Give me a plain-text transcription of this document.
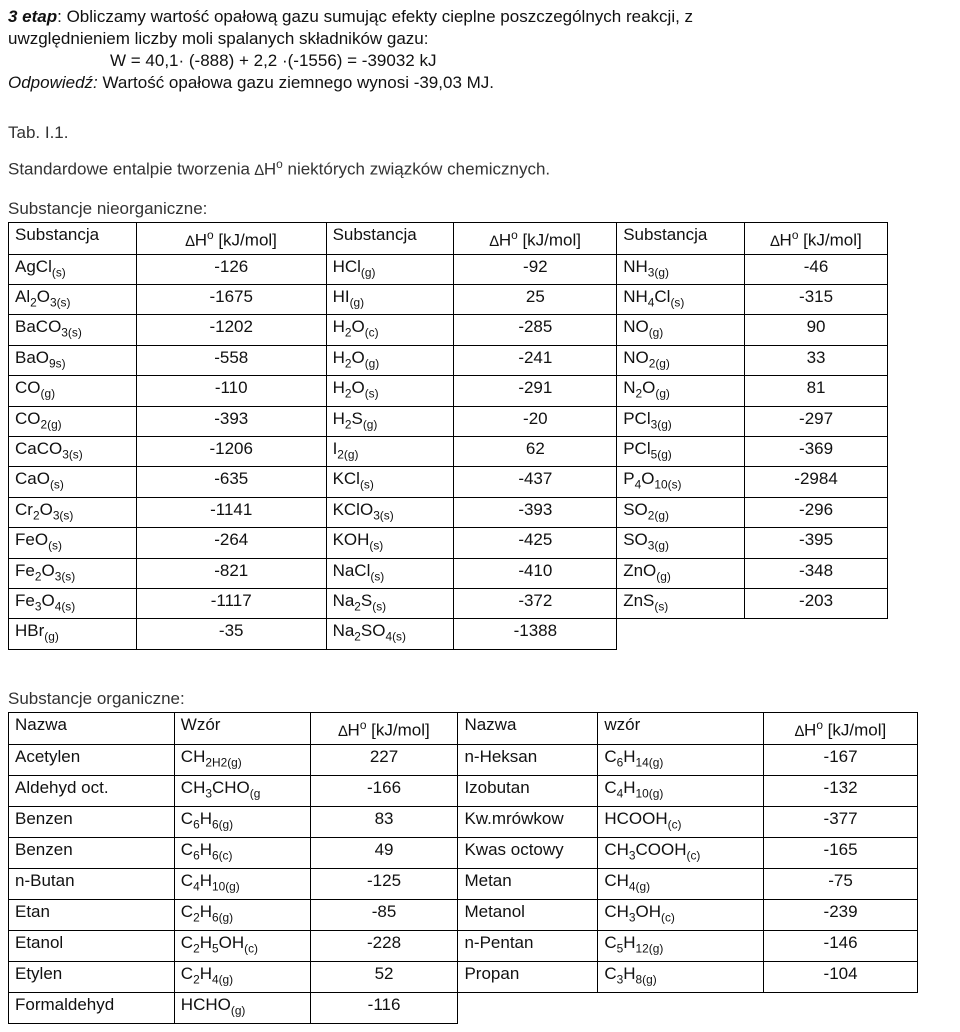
3 etap: Obliczamy wartość opałową gazu sumując efekty cieplne poszczególnych reakcji, z
uwzględnieniem liczby moli spalanych składników gazu:
W = 40,1· (-888) + 2,2 ·(-1556) = -39032 kJ
Odpowiedź: Wartość opałowa gazu ziemnego wynosi -39,03 MJ.
Tab. I.1.
Standardowe entalpie tworzenia $\Delta H^o$ niektórych związków chemicznych.
Substancje nieorganiczne:
Substancja	$\Delta H^o$ [kJ/mol]	Substancja	$\Delta H^o$ [kJ/mol]	Substancja	$\Delta H^o$ [kJ/mol]
AgCl$_{(s)}$	-126	HCl$_{(g)}$	-92	$NH_{3(g)}$	-46
$Al_2O_{3(s)}$	-1675	$HI_{(g)}$	25	$NH_4Cl_{(s)}$	-315
BaCO$_{3(s)}$	-1202	$H_2O_{(c)}$	-285	$NO_{(g)}$	90
BaO$_{9s)}$	-558	$H_2O_{(g)}$	-241	$NO_{2(g)}$	33
$CO_{(g)}$	-110	$H_2O_{(s)}$	-291	$N_2O_{(g)}$	81
$CO_{2(g)}$	-393	$H_2S_{(g)}$	-20	PCl$_{3(g)}$	-297
CaCO$_{3(s)}$	-1206	$I_{2(g)}$	62	PCl$_{5(g)}$	-369
CaO$_{(s)}$	-635	KCl$_{(s)}$	-437	$P_4O_{10(s)}$	-2984
$Cr_2O_{3(s)}$	-1141	KClO$_{3(s)}$	-393	$SO_{2(g)}$	-296
FeO$_{(s)}$	-264	$KOH_{(s)}$	-425	$SO_{3(g)}$	-395
$Fe_2O_{3(s)}$	-821	NaCl$_{(s)}$	-410	ZnO$_{(g)}$	-348
$Fe_3O_{4(s)}$	-1117	$Na_2S_{(s)}$	-372	ZnS$_{(s)}$	-203
HBr$_{(g)}$	-35	$Na_2SO_{4(s)}$	-1388		
Substancje organiczne:
Nazwa	Wzór	$\Delta H^o$ [kJ/mol]	Nazwa	wzór	$\Delta H^o$ [kJ/mol]
Acetylen	$CH_{2H2(g)}$	227	n-Heksan	$C_6H_{14(g)}$	-167
Aldehyd oct.	$CH_3CHO_{(g}$	-166	Izobutan	$C_4H_{10(g)}$	-132
Benzen	$C_6H_{6(g)}$	83	Kw.mrówkow	$HCOOH_{(c)}$	-377
Benzen	$C_6H_{6(c)}$	49	Kwas octowy	$CH_3COOH_{(c)}$	-165
n-Butan	$C_4H_{10(g)}$	-125	Metan	$CH_{4(g)}$	-75
Etan	$C_2H_{6(g)}$	-85	Metanol	$CH_3OH_{(c)}$	-239
Etanol	$C_2H_5OH_{(c)}$	-228	n-Pentan	$C_5H_{12(g)}$	-146
Etylen	$C_2H_{4(g)}$	52	Propan	$C_3H_{8(g)}$	-104
Formaldehyd	$HCHO_{(g)}$	-116			
